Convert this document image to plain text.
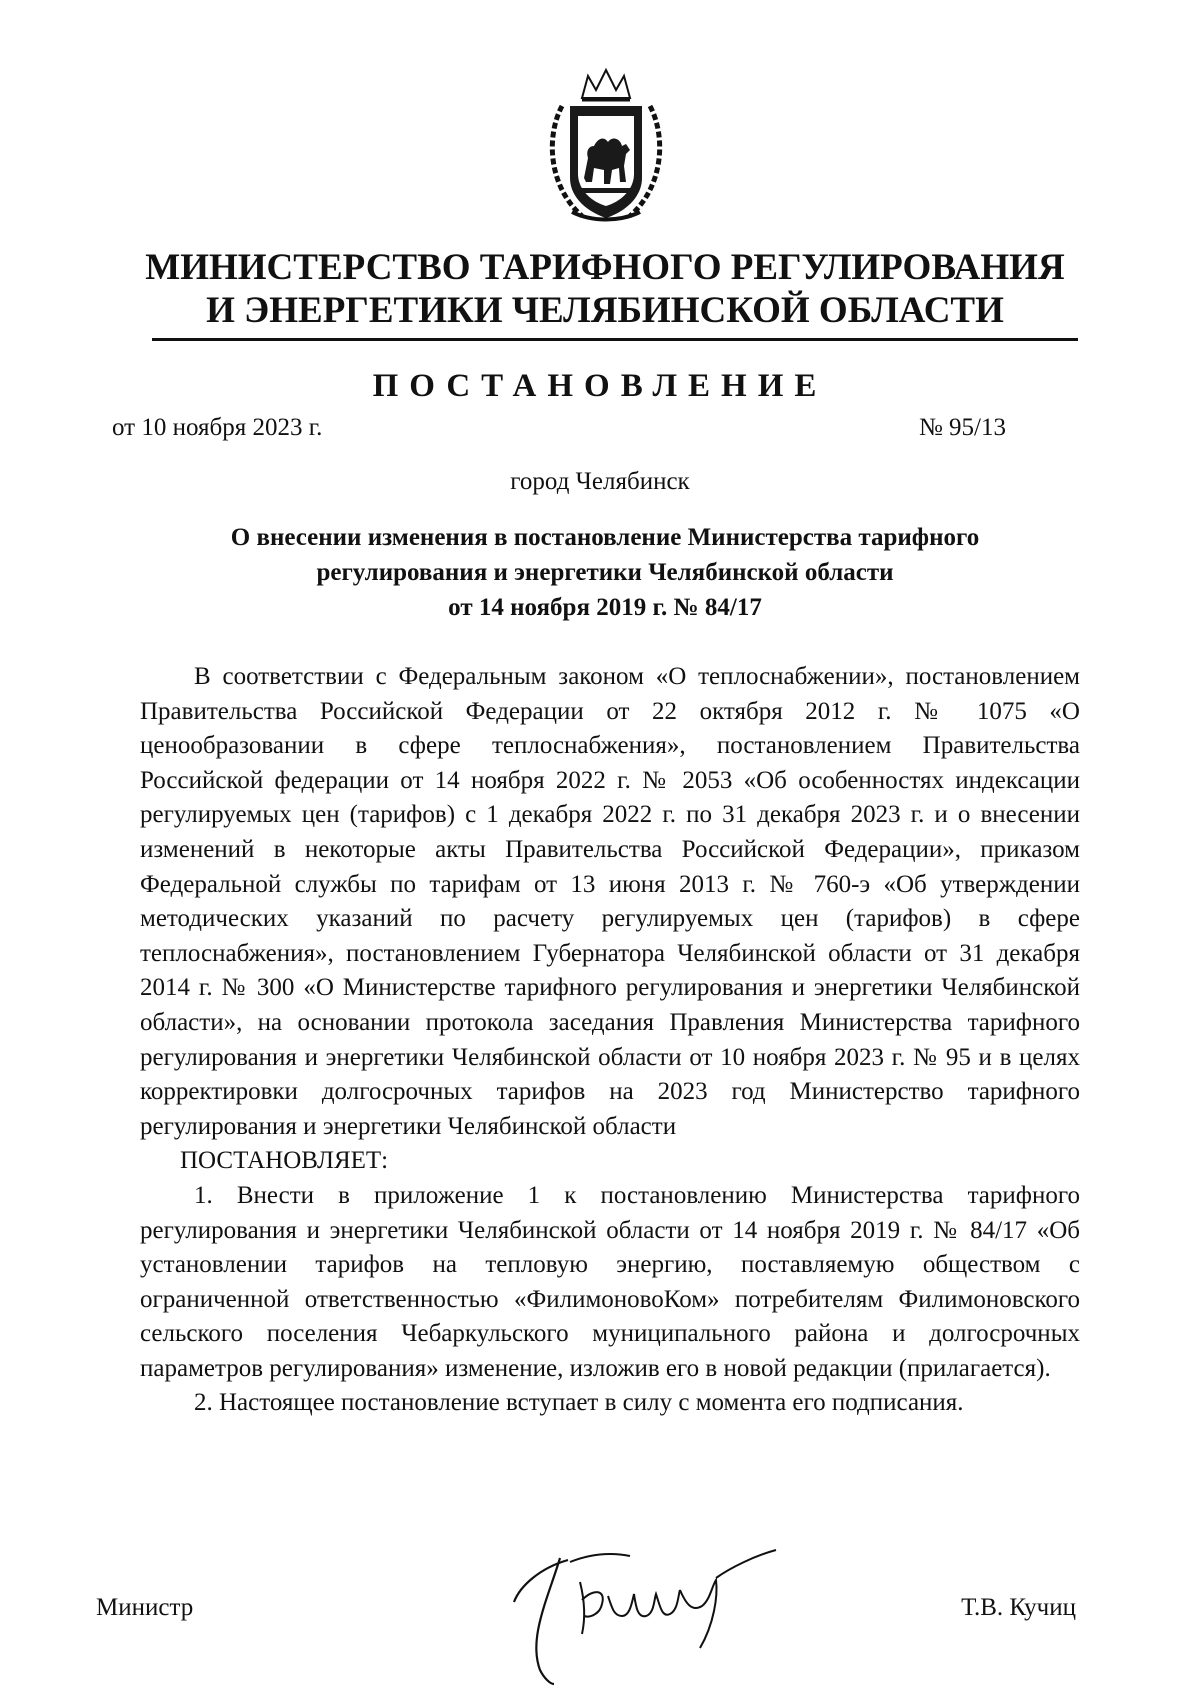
МИНИСТЕРСТВО ТАРИФНОГО РЕГУЛИРОВАНИЯ
И ЭНЕРГЕТИКИ ЧЕЛЯБИНСКОЙ ОБЛАСТИ
ПОСТАНОВЛЕНИЕ
от 10 ноября 2023 г.	№ 95/13
город Челябинск
О внесении изменения в постановление Министерства тарифного
регулирования и энергетики Челябинской области
от 14 ноября 2019 г. № 84/17

В соответствии с Федеральным законом «О теплоснабжении», постановлением Правительства Российской Федерации от 22 октября 2012 г. № 1075 «О ценообразовании в сфере теплоснабжения», постановлением Правительства Российской федерации от 14 ноября 2022 г. № 2053 «Об особенностях индексации регулируемых цен (тарифов) с 1 декабря 2022 г. по 31 декабря 2023 г. и о внесении изменений в некоторые акты Правительства Российской Федерации», приказом Федеральной службы по тарифам от 13 июня 2013 г. № 760-э «Об утверждении методических указаний по расчету регулируемых цен (тарифов) в сфере теплоснабжения», постановлением Губернатора Челябинской области от 31 декабря 2014 г. № 300 «О Министерстве тарифного регулирования и энергетики Челябинской области», на основании протокола заседания Правления Министерства тарифного регулирования и энергетики Челябинской области от 10 ноября 2023 г. № 95 и в целях корректировки долгосрочных тарифов на 2023 год Министерство тарифного регулирования и энергетики Челябинской области

ПОСТАНОВЛЯЕТ:

1. Внести в приложение 1 к постановлению Министерства тарифного регулирования и энергетики Челябинской области от 14 ноября 2019 г. № 84/17 «Об установлении тарифов на тепловую энергию, поставляемую обществом с ограниченной ответственностью «ФилимоновоКом» потребителям Филимоновского сельского поселения Чебаркульского муниципального района и долгосрочных параметров регулирования» изменение, изложив его в новой редакции (прилагается).

2. Настоящее постановление вступает в силу с момента его подписания.

Министр	Т.В. Кучиц
